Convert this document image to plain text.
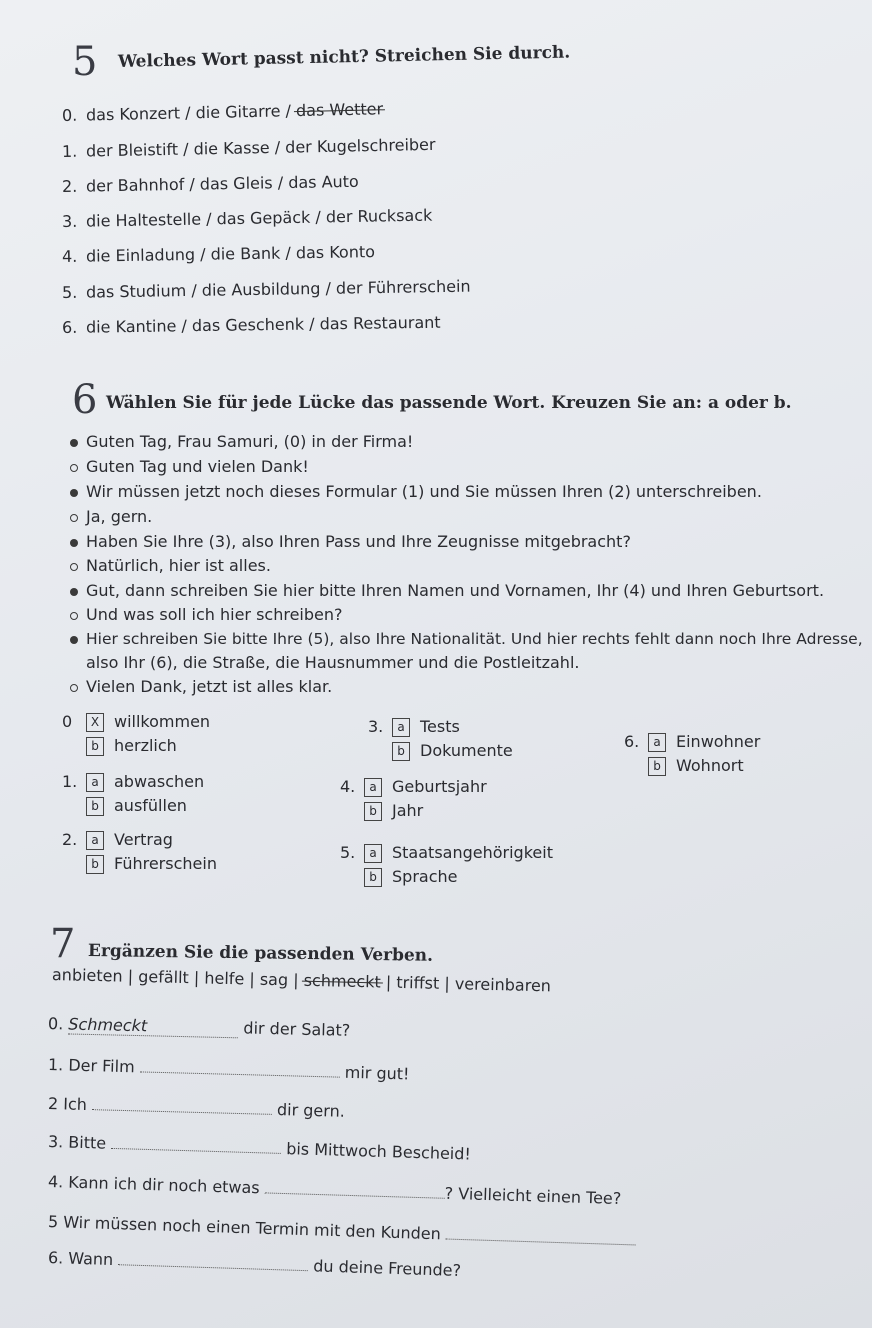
5 Welches Wort passt nicht? Streichen Sie durch.
0. das Konzert / die Gitarre / das Wetter
1. der Bleistift / die Kasse / der Kugelschreiber
2. der Bahnhof / das Gleis / das Auto
3. die Haltestelle / das Gepäck / der Rucksack
4. die Einladung / die Bank / das Konto
5. das Studium / die Ausbildung / der Führerschein
6. die Kantine / das Geschenk / das Restaurant
6 Wählen Sie für jede Lücke das passende Wort. Kreuzen Sie an: a oder b.
Guten Tag, Frau Samuri, (0) in der Firma!
Guten Tag und vielen Dank!
Wir müssen jetzt noch dieses Formular (1) und Sie müssen Ihren (2) unterschreiben.
Ja, gern.
Haben Sie Ihre (3), also Ihren Pass und Ihre Zeugnisse mitgebracht?
Natürlich, hier ist alles.
Gut, dann schreiben Sie hier bitte Ihren Namen und Vornamen, Ihr (4) und Ihren Geburtsort.
Und was soll ich hier schreiben?
Hier schreiben Sie bitte Ihre (5), also Ihre Nationalität. Und hier rechts fehlt dann noch Ihre Adresse,
also Ihr (6), die Straße, die Hausnummer und die Postleitzahl.
Vielen Dank, jetzt ist alles klar.
0 X willkommen
b herzlich
1. a abwaschen
b ausfüllen
2. a Vertrag
b Führerschein
3. a Tests
b Dokumente
4. a Geburtsjahr
b Jahr
5. a Staatsangehörigkeit
b Sprache
6. a Einwohner
b Wohnort
7 Ergänzen Sie die passenden Verben.
anbieten | gefällt | helfe | sag | schmeckt | triffst | vereinbaren
0. Schmeckt	dir der Salat?
1. Der Film	mir gut!
2 Ich	dir gern.
3. Bitte	bis Mittwoch Bescheid!
4. Kann ich dir noch etwas	? Vielleicht einen Tee?
5 Wir müssen noch einen Termin mit den Kunden
6. Wann	du deine Freunde?
